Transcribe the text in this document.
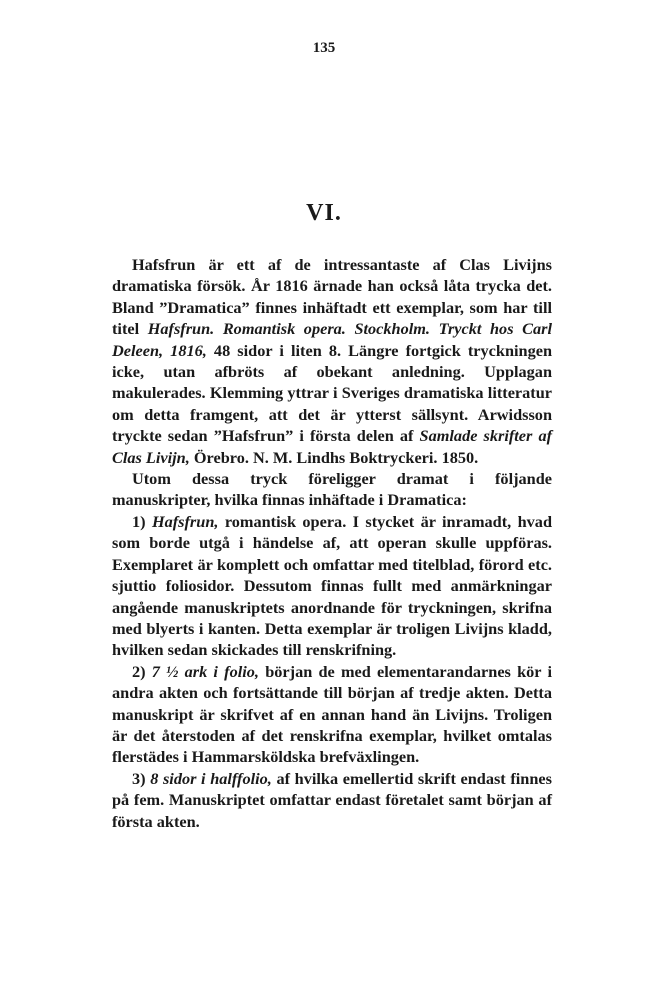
135
VI.

Hafsfrun är ett af de intressantaste af Clas Livijns dramatiska försök. År 1816 ärnade han också låta trycka det. Bland ”Dramatica” finnes inhäftadt ett exemplar, som har till titel Hafsfrun. Romantisk opera. Stockholm. Tryckt hos Carl Deleen, 1816, 48 sidor i liten 8. Längre fortgick tryckningen icke, utan afbröts af obekant anledning. Upplagan makulerades. Klemming yttrar i Sveriges dramatiska litteratur om detta framgent, att det är ytterst sällsynt. Arwidsson tryckte sedan ”Hafsfrun” i första delen af Samlade skrifter af Clas Livijn, Örebro. N. M. Lindhs Boktryckeri. 1850.

Utom dessa tryck föreligger dramat i följande manuskripter, hvilka finnas inhäftade i Dramatica:

1) Hafsfrun, romantisk opera. I stycket är inramadt, hvad som borde utgå i händelse af, att operan skulle uppföras. Exemplaret är komplett och omfattar med titelblad, förord etc. sjuttio foliosidor. Dessutom finnas fullt med anmärkningar angående manuskriptets anordnande för tryckningen, skrifna med blyerts i kanten. Detta exemplar är troligen Livijns kladd, hvilken sedan skickades till renskrifning.

2) 7 ½ ark i folio, början de med elementarandarnes kör i andra akten och fortsättande till början af tredje akten. Detta manuskript är skrifvet af en annan hand än Livijns. Troligen är det återstoden af det renskrifna exemplar, hvilket omtalas flerstädes i Hammarsköldska brefväxlingen.

3) 8 sidor i halffolio, af hvilka emellertid skrift endast finnes på fem. Manuskriptet omfattar endast företalet samt början af första akten.
